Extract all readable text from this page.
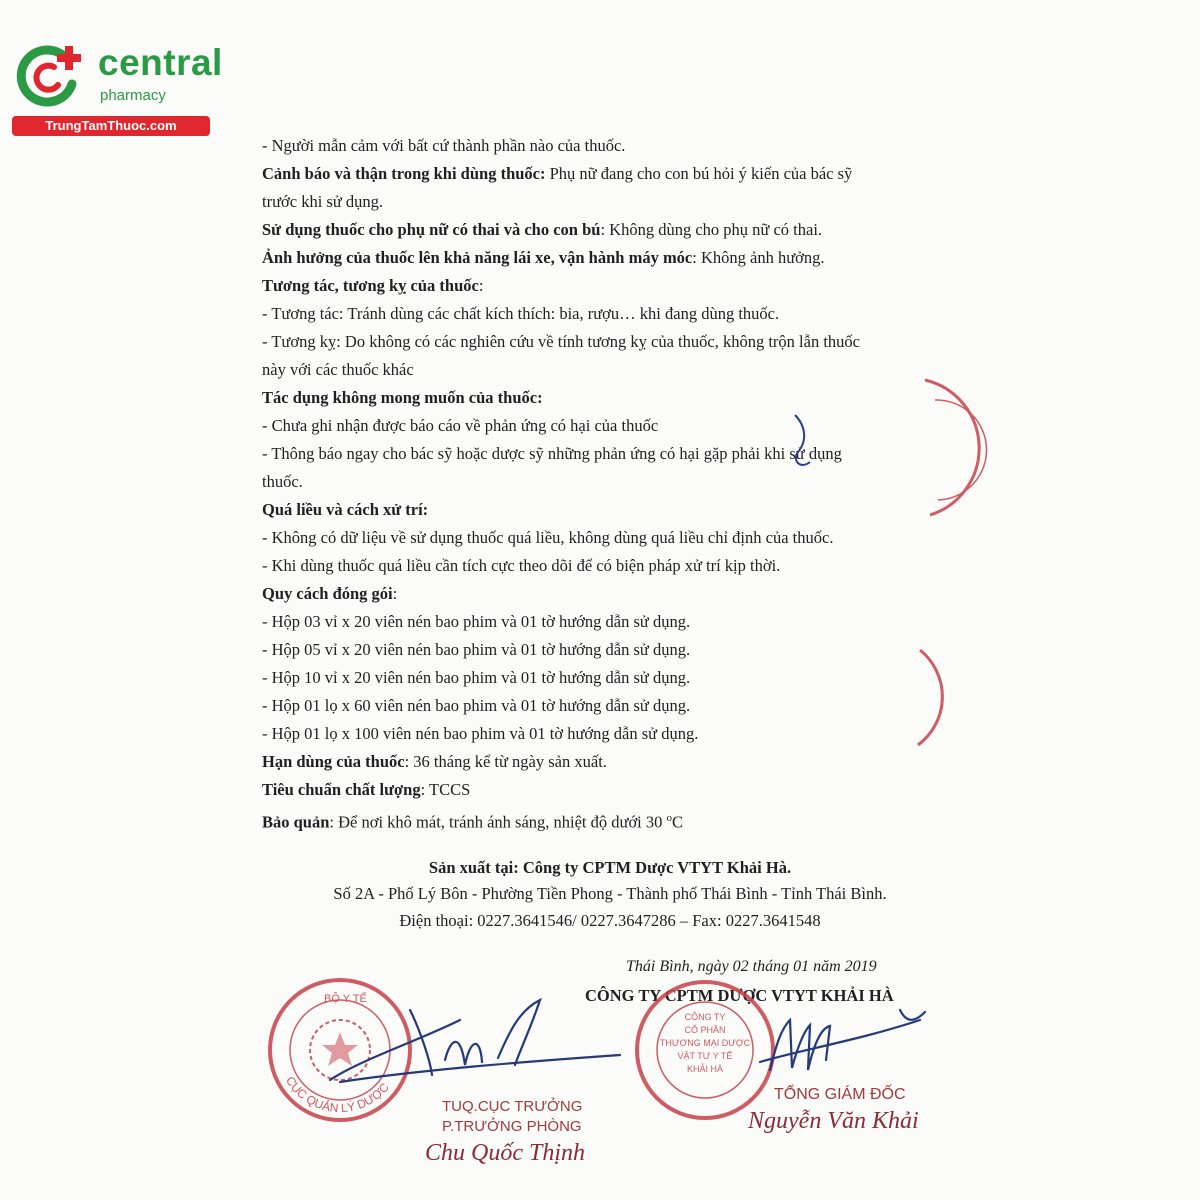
central
pharmacy
TrungTamThuoc.com
- Người mẫn cảm với bất cứ thành phần nào của thuốc.
Cảnh báo và thận trong khi dùng thuốc: Phụ nữ đang cho con bú hỏi ý kiến của bác sỹ
trước khi sử dụng.
Sử dụng thuốc cho phụ nữ có thai và cho con bú: Không dùng cho phụ nữ có thai.
Ảnh hưởng của thuốc lên khả năng lái xe, vận hành máy móc: Không ảnh hưởng.
Tương tác, tương kỵ của thuốc:
- Tương tác: Tránh dùng các chất kích thích: bia, rượu… khi đang dùng thuốc.
- Tương kỵ: Do không có các nghiên cứu về tính tương kỵ của thuốc, không trộn lẫn thuốc
này với các thuốc khác
Tác dụng không mong muốn của thuốc:
- Chưa ghi nhận được báo cáo về phản ứng có hại của thuốc
- Thông báo ngay cho bác sỹ hoặc dược sỹ những phản ứng có hại gặp phải khi sử dụng
thuốc.
Quá liều và cách xử trí:
- Không có dữ liệu về sử dụng thuốc quá liều, không dùng quá liều chỉ định của thuốc.
- Khi dùng thuốc quá liều cần tích cực theo dõi để có biện pháp xử trí kịp thời.
Quy cách đóng gói:
- Hộp 03 vỉ x 20 viên nén bao phim và 01 tờ hướng dẫn sử dụng.
- Hộp 05 vỉ x 20 viên nén bao phim và 01 tờ hướng dẫn sử dụng.
- Hộp 10 vỉ x 20 viên nén bao phim và 01 tờ hướng dẫn sử dụng.
- Hộp 01 lọ x 60 viên nén bao phim và 01 tờ hướng dẫn sử dụng.
- Hộp 01 lọ x 100 viên nén bao phim và 01 tờ hướng dẫn sử dụng.
Hạn dùng của thuốc: 36 tháng kể từ ngày sản xuất.
Tiêu chuẩn chất lượng: TCCS
Bảo quản: Để nơi khô mát, tránh ánh sáng, nhiệt độ dưới 30 $^o$C
Sản xuất tại: Công ty CPTM Dược VTYT Khải Hà.
Số 2A - Phố Lý Bôn - Phường Tiền Phong - Thành phố Thái Bình - Tỉnh Thái Bình.
Điện thoại: 0227.3641546/ 0227.3647286 – Fax: 0227.3641548
Thái Bình, ngày 02 tháng 01 năm 2019
CÔNG TY CPTM DƯỢC VTYT KHẢI HÀ
BỘ Y TẾ
CỤC QUẢN LÝ DƯỢC
CÔNG TY
CỔ PHẦN
THƯƠNG MẠI DƯỢC
VẬT TƯ Y TẾ
KHẢI HÀ
TUQ.CỤC TRƯỞNG
P.TRƯỞNG PHÒNG
Chu Quốc Thịnh
TỔNG GIÁM ĐỐC
Nguyễn Văn Khải
